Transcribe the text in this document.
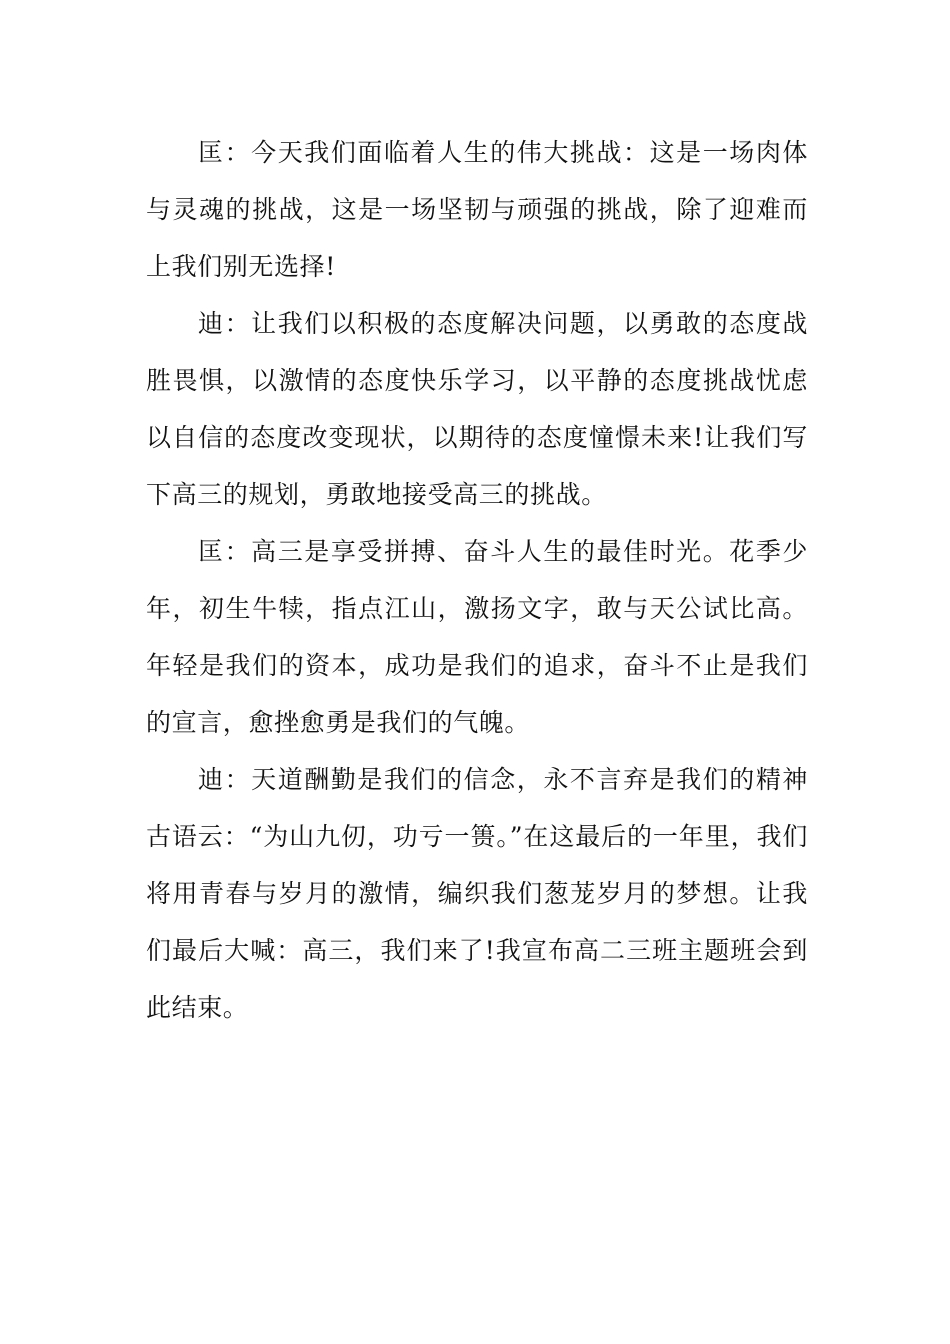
匡：今天我们面临着人生的伟大挑战：这是一场肉体与灵魂的挑战，这是一场坚韧与顽强的挑战，除了迎难而上我们别无选择!

迪：让我们以积极的态度解决问题，以勇敢的态度战胜畏惧，以激情的态度快乐学习，以平静的态度挑战忧虑以自信的态度改变现状，以期待的态度憧憬未来!让我们写下高三的规划，勇敢地接受高三的挑战。

匡：高三是享受拼搏、奋斗人生的最佳时光。花季少年，初生牛犊，指点江山，激扬文字，敢与天公试比高。年轻是我们的资本，成功是我们的追求，奋斗不止是我们的宣言，愈挫愈勇是我们的气魄。

迪：天道酬勤是我们的信念，永不言弃是我们的精神古语云：“为山九仞，功亏一篑。”在这最后的一年里，我们将用青春与岁月的激情，编织我们葱茏岁月的梦想。让我们最后大喊：高三，我们来了!我宣布高二三班主题班会到此结束。
